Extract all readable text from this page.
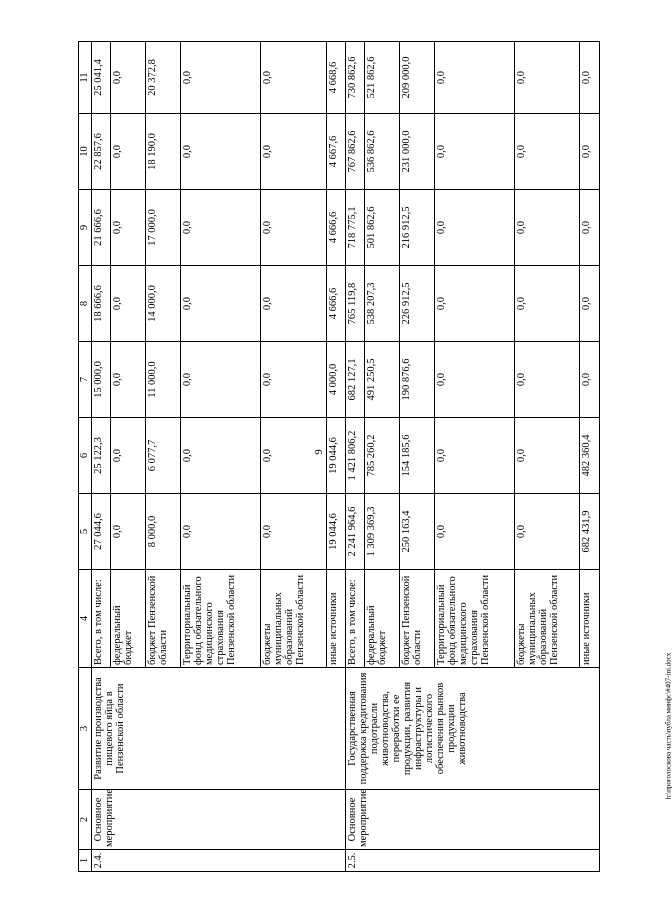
9
h:\проголоскова часть\публа минфс\#407-ini.docx
1	2	3	4	5	6	7	8	9	10	11
2.4.	Основное мероприятие	Развитие производства пищевого яйца в Пензенской области	Всего, в том числе:	27 044,6	25 122,3	15 000,0	18 666,6	21 666,6	22 857,6	25 041,4
			федеральный бюджет	0,0	0,0	0,0	0,0	0,0	0,0	0,0
			бюджет Пензенской области	8 000,0	6 077,7	11 000,0	14 000,0	17 000,0	18 190,0	20 372,8
			Территориальный фонд обязательного медицинского страхования Пензенской области	0,0	0,0	0,0	0,0	0,0	0,0	0,0
			бюджеты муниципальных образований Пензенской области	0,0	0,0	0,0	0,0	0,0	0,0	0,0
			иные источники	19 044,6	19 044,6	4 000,0	4 666,6	4 666,6	4 667,6	4 668,6
2.5.	Основное мероприятие	Государственная поддержка кредитования подотрасли животноводства, переработки ее продукции, развития инфраструктуры и логистического обеспечения рынков продукции животноводства	Всего, в том числе:	2 241 964,6	1 421 806,2	682 127,1	765 119,8	718 775,1	767 862,6	730 862,6
			федеральный бюджет	1 309 369,3	785 260,2	491 250,5	538 207,3	501 862,6	536 862,6	521 862,6
			бюджет Пензенской области	250 163,4	154 185,6	190 876,6	226 912,5	216 912,5	231 000,0	209 000,0
			Территориальный фонд обязательного медицинского страхования Пензенской области	0,0	0,0	0,0	0,0	0,0	0,0	0,0
			бюджеты муниципальных образований Пензенской области	0,0	0,0	0,0	0,0	0,0	0,0	0,0
			иные источники	682 431,9	482 360,4	0,0	0,0	0,0	0,0	0,0
